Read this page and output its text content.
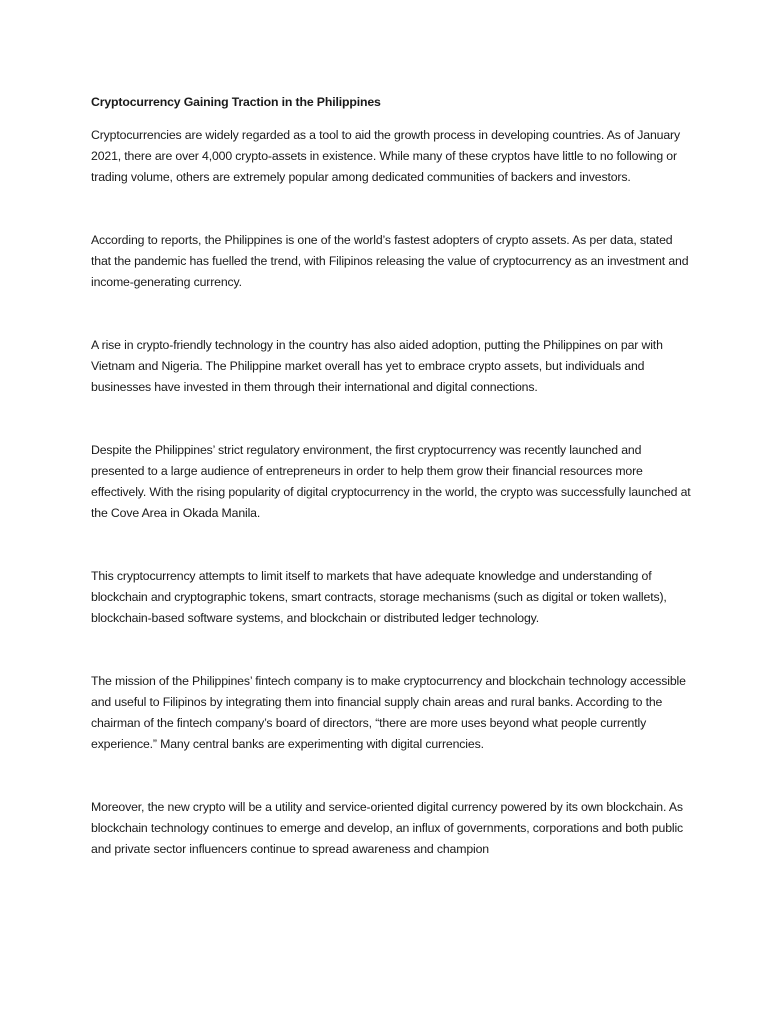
Cryptocurrency Gaining Traction in the Philippines

Cryptocurrencies are widely regarded as a tool to aid the growth process in developing countries. As of January 2021, there are over 4,000 crypto-assets in existence. While many of these cryptos have little to no following or trading volume, others are extremely popular among dedicated communities of backers and investors.

According to reports, the Philippines is one of the world’s fastest adopters of crypto assets. As per data, stated that the pandemic has fuelled the trend, with Filipinos releasing the value of cryptocurrency as an investment and income-generating currency.

A rise in crypto-friendly technology in the country has also aided adoption, putting the Philippines on par with Vietnam and Nigeria. The Philippine market overall has yet to embrace crypto assets, but individuals and businesses have invested in them through their international and digital connections.

Despite the Philippines’ strict regulatory environment, the first cryptocurrency was recently launched and presented to a large audience of entrepreneurs in order to help them grow their financial resources more effectively. With the rising popularity of digital cryptocurrency in the world, the crypto was successfully launched at the Cove Area in Okada Manila.

This cryptocurrency attempts to limit itself to markets that have adequate knowledge and understanding of blockchain and cryptographic tokens, smart contracts, storage mechanisms (such as digital or token wallets), blockchain-based software systems, and blockchain or distributed ledger technology.

The mission of the Philippines’ fintech company is to make cryptocurrency and blockchain technology accessible and useful to Filipinos by integrating them into financial supply chain areas and rural banks. According to the chairman of the fintech company’s board of directors, “there are more uses beyond what people currently experience.” Many central banks are experimenting with digital currencies.

Moreover, the new crypto will be a utility and service-oriented digital currency powered by its own blockchain. As blockchain technology continues to emerge and develop, an influx of governments, corporations and both public and private sector influencers continue to spread awareness and champion
